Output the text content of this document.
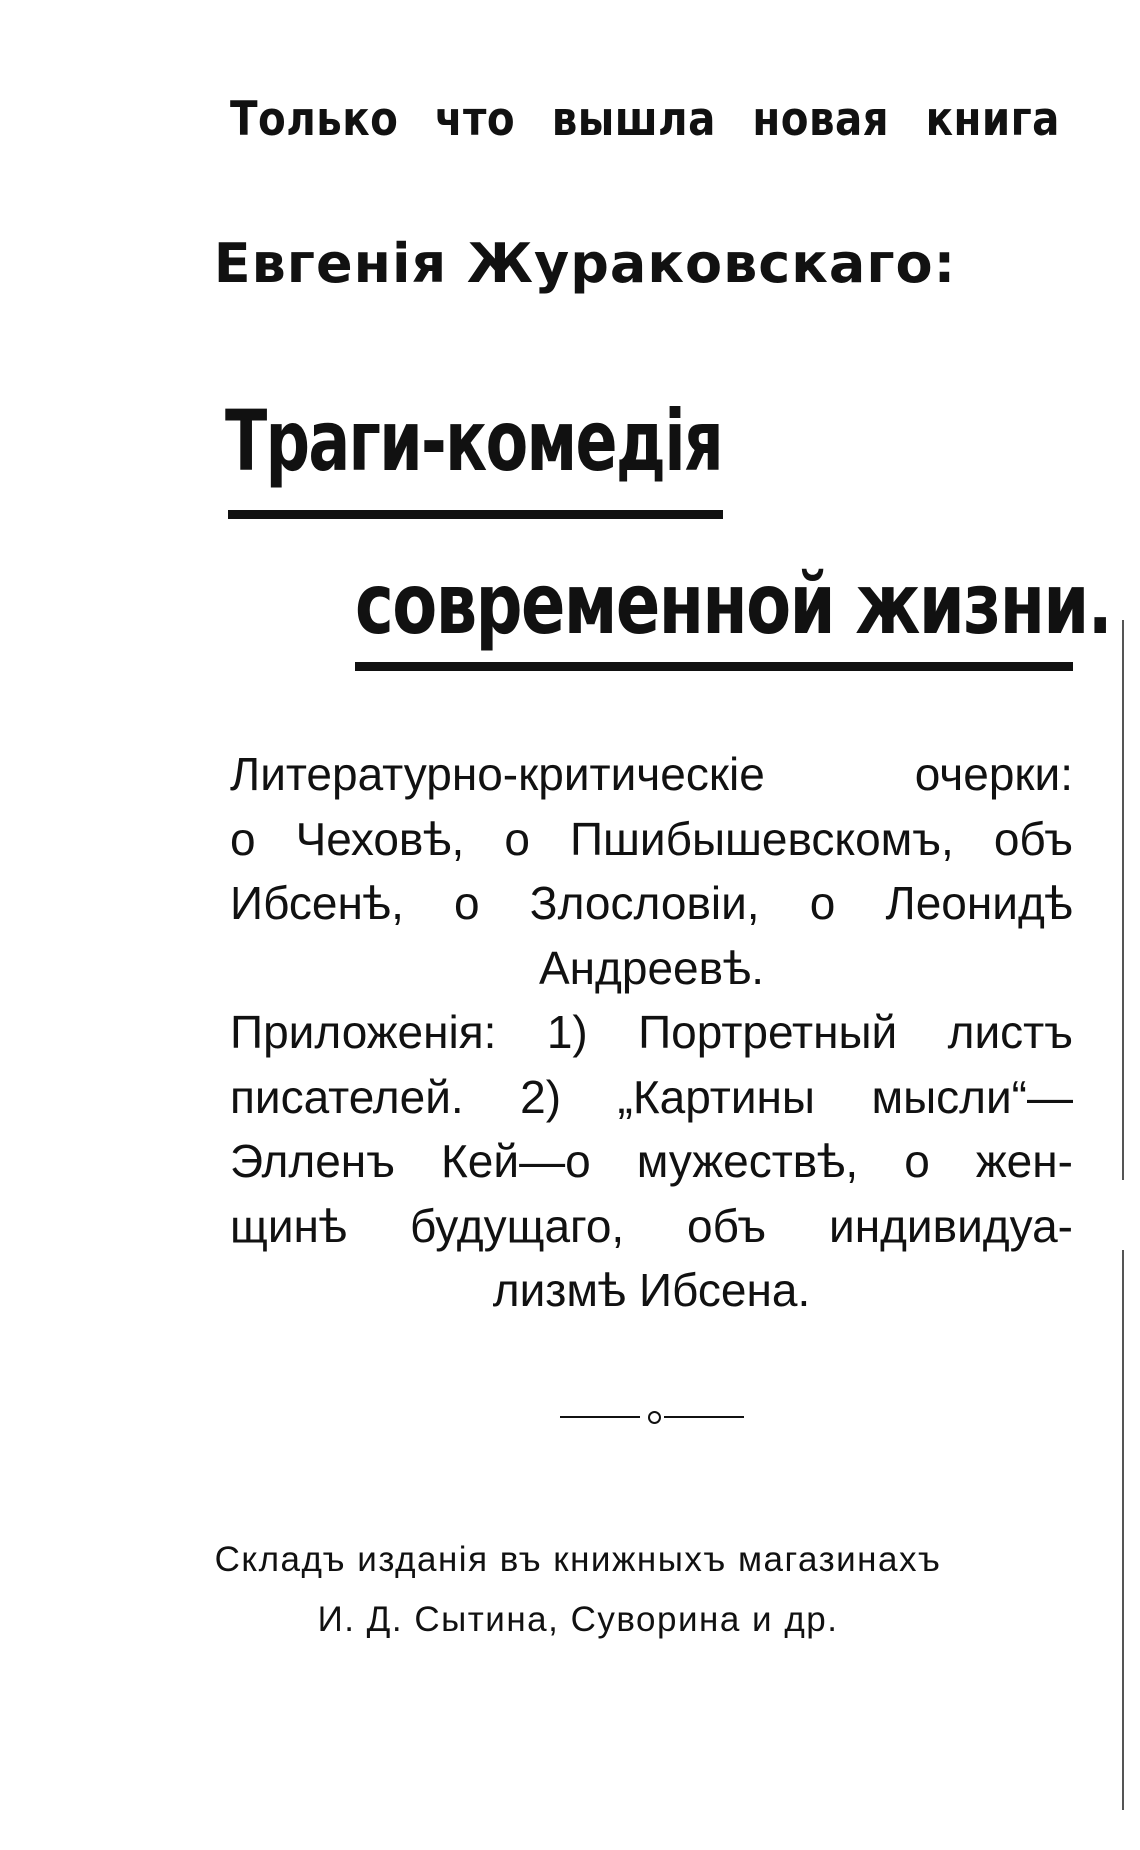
Только что вышла новая книга
Евгенія Жураковскаго:
Траги-комедія
современной жизни.
Литературно-критическіе очерки:
о Чеховѣ, о Пшибышевскомъ, объ
Ибсенѣ, о Злословіи, о Леонидѣ
Андреевѣ.
Приложенія: 1) Портретный листъ
писателей. 2) „Картины мысли“—
Элленъ Кей—о мужествѣ, о жен-
щинѣ будущаго, объ индивидуа-
лизмѣ Ибсена.
Складъ изданія въ книжныхъ магазинахъ
И. Д. Сытина, Суворина и др.
